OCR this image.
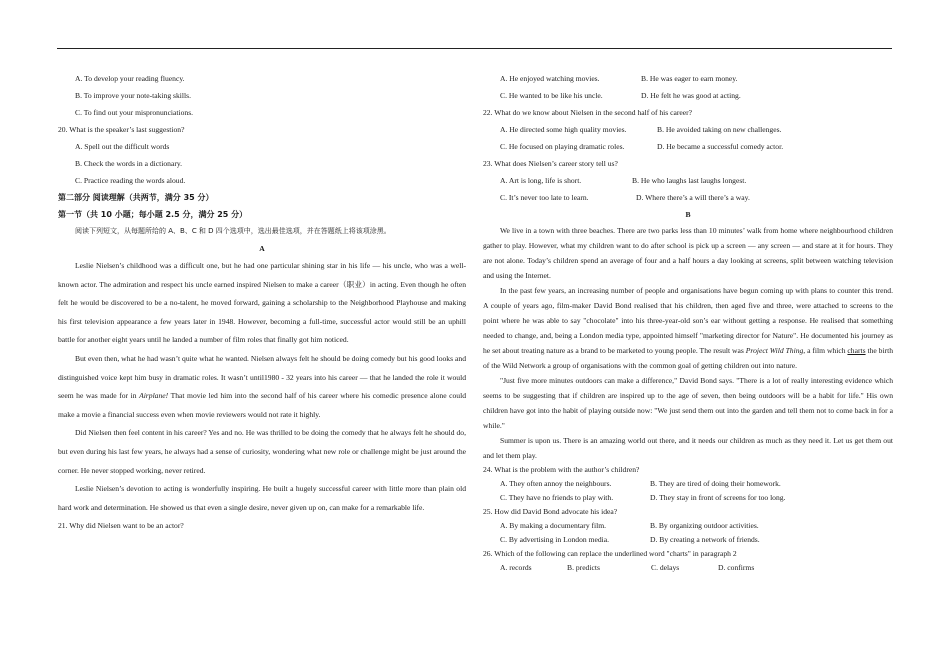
A. To develop your reading fluency.
B. To improve your note-taking skills.
C. To find out your mispronunciations.
20. What is the speaker’s last suggestion?
A. Spell out the difficult words
B. Check the words in a dictionary.
C. Practice reading the words aloud.
第二部分 阅读理解（共两节，满分 35 分）
第一节（共 10 小题；每小题 2.5 分，满分 25 分）
阅读下列短文，从每题所给的 A、B、C 和 D 四个选项中，选出最佳选项，并在答题纸上将该项涂黑。
A
Leslie Nielsen’s childhood was a difficult one, but he had one particular shining star in his life — his uncle, who was a well-known actor. The admiration and respect his uncle earned inspired Nielsen to make a career（职业）in acting. Even though he often felt he would be discovered to be a no-talent, he moved forward, gaining a scholarship to the Neighborhood Playhouse and making his first television appearance a few years later in 1948. However, becoming a full-time, successful actor would still be an uphill battle for another eight years until he landed a number of film roles that finally got him noticed.
But even then, what he had wasn’t quite what he wanted. Nielsen always felt he should be doing comedy but his good looks and distinguished voice kept him busy in dramatic roles. It wasn’t until1980 - 32 years into his career — that he landed the role it would seem he was made for in Airplane! That movie led him into the second half of his career where his comedic presence alone could make a movie a financial success even when movie reviewers would not rate it highly.
Did Nielsen then feel content in his career? Yes and no. He was thrilled to be doing the comedy that he always felt he should do, but even during his last few years, he always had a sense of curiosity, wondering what new role or challenge might be just around the corner. He never stopped working, never retired.
Leslie Nielsen’s devotion to acting is wonderfully inspiring. He built a hugely successful career with little more than plain old hard work and determination. He showed us that even a single desire, never given up on, can make for a remarkable life.
21. Why did Nielsen want to be an actor?
A. He enjoyed watching movies.	B. He was eager to earn money.
C. He wanted to be like his uncle.	D. He felt he was good at acting.
22. What do we know about Nielsen in the second half of his career?
A. He directed some high quality movies.	B. He avoided taking on new challenges.
C. He focused on playing dramatic roles.	D. He became a successful comedy actor.
23. What does Nielsen’s career story tell us?
A. Art is long, life is short.	B. He who laughs last laughs longest.
C. It’s never too late to learn.	D. Where there’s a will there’s a way.
B
We live in a town with three beaches. There are two parks less than 10 minutes’ walk from home where neighbourhood children gather to play. However, what my children want to do after school is pick up a screen — any screen — and stare at it for hours. They are not alone. Today’s children spend an average of four and a half hours a day looking at screens, split between watching television and using the Internet.
In the past few years, an increasing number of people and organisations have begun coming up with plans to counter this trend. A couple of years ago, film-maker David Bond realised that his children, then aged five and three, were attached to screens to the point where he was able to say "chocolate" into his three-year-old son’s ear without getting a response. He realised that something needed to change, and, being a London media type, appointed himself "marketing director for Nature". He documented his journey as he set about treating nature as a brand to be marketed to young people. The result was Project Wild Thing, a film which charts the birth of the Wild Network a group of organisations with the common goal of getting children out into nature.
"Just five more minutes outdoors can make a difference," David Bond says. "There is a lot of really interesting evidence which seems to be suggesting that if children are inspired up to the age of seven, then being outdoors will be a habit for life." His own children have got into the habit of playing outside now: "We just send them out into the garden and tell them not to come back in for a while."
Summer is upon us. There is an amazing world out there, and it needs our children as much as they need it. Let us get them out and let them play.
24. What is the problem with the author’s children?
A. They often annoy the neighbours.	B. They are tired of doing their homework.
C. They have no friends to play with.	D. They stay in front of screens for too long.
25. How did David Bond advocate his idea?
A. By making a documentary film.	B. By organizing outdoor activities.
C. By advertising in London media.	D. By creating a network of friends.
26. Which of the following can replace the underlined word "charts" in paragraph 2
A. records	B. predicts	C. delays	D. confirms
